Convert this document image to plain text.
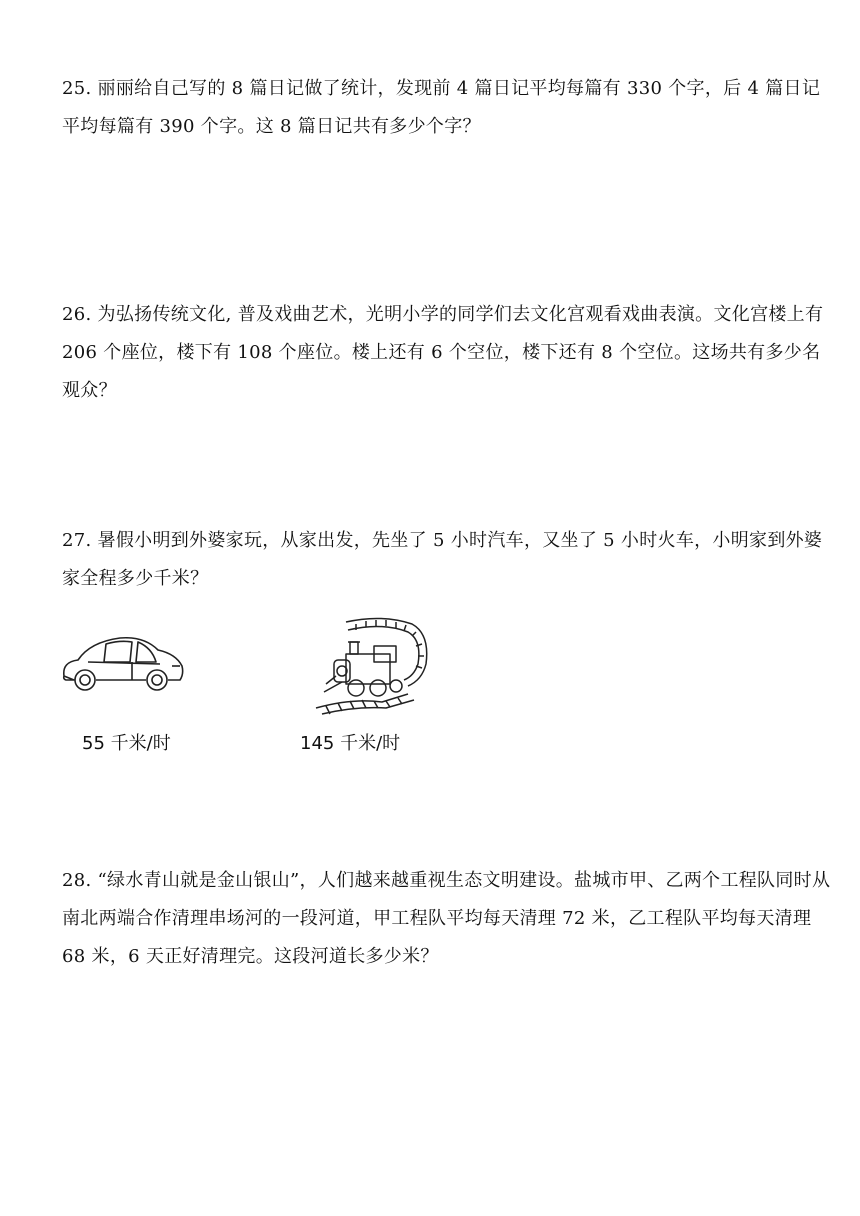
25. 丽丽给自己写的 8 篇日记做了统计，发现前 4 篇日记平均每篇有 330 个字，后 4 篇日记平均每篇有 390 个字。这 8 篇日记共有多少个字？

26. 为弘扬传统文化, 普及戏曲艺术，光明小学的同学们去文化宫观看戏曲表演。文化宫楼上有 206 个座位，楼下有 108 个座位。楼上还有 6 个空位，楼下还有 8 个空位。这场共有多少名观众？

27. 暑假小明到外婆家玩，从家出发，先坐了 5 小时汽车，又坐了 5 小时火车，小明家到外婆家全程多少千米？

55 千米/时	145 千米/时

28. “绿水青山就是金山银山”，人们越来越重视生态文明建设。盐城市甲、乙两个工程队同时从南北两端合作清理串场河的一段河道，甲工程队平均每天清理 72 米，乙工程队平均每天清理 68 米，6 天正好清理完。这段河道长多少米？
